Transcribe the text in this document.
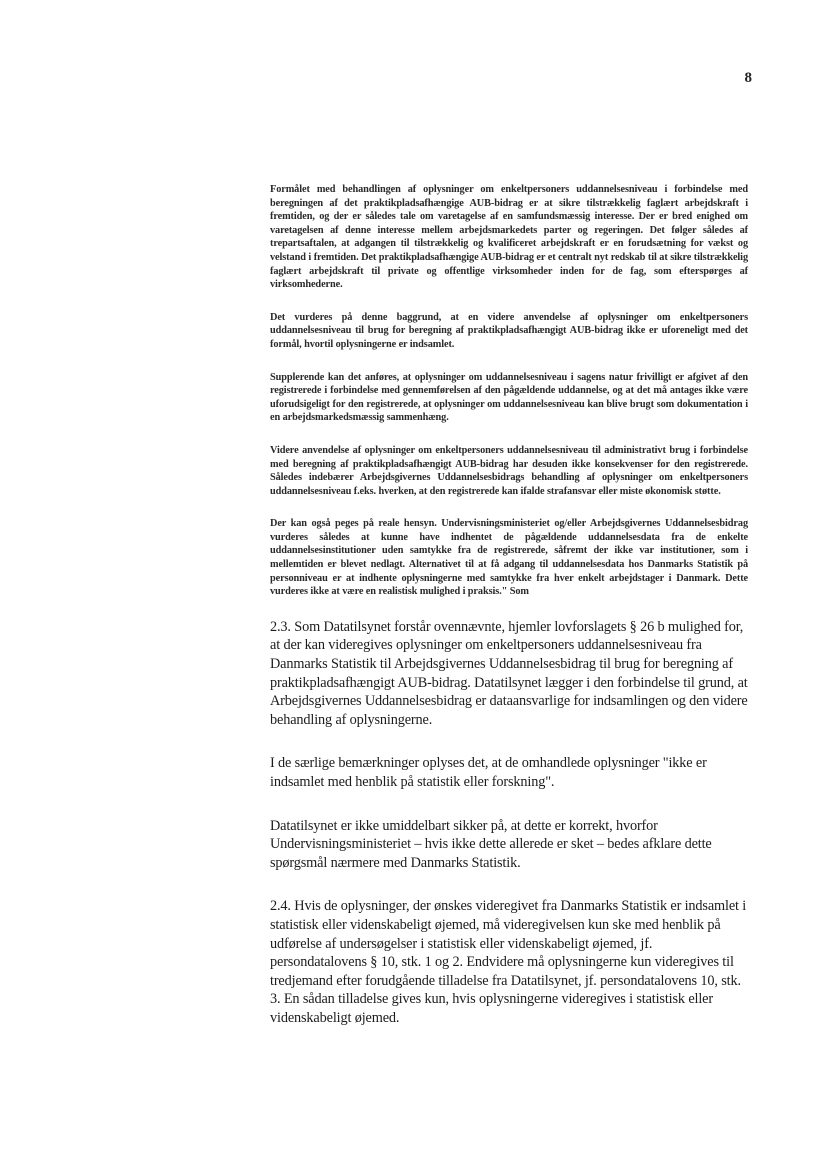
8

Formålet med behandlingen af oplysninger om enkeltpersoners uddannelsesniveau i forbindelse med beregningen af det praktikpladsafhængige AUB-bidrag er at sikre tilstrækkelig faglært arbejdskraft i fremtiden, og der er således tale om varetagelse af en samfundsmæssig interesse. Der er bred enighed om varetagelsen af denne interesse mellem arbejdsmarkedets parter og regeringen. Det følger således af trepartsaftalen, at adgangen til tilstrækkelig og kvalificeret arbejdskraft er en forudsætning for vækst og velstand i fremtiden. Det praktikpladsafhængige AUB-bidrag er et centralt nyt redskab til at sikre tilstrækkelig faglært arbejdskraft til private og offentlige virksomheder inden for de fag, som efterspørges af virksomhederne.

Det vurderes på denne baggrund, at en videre anvendelse af oplysninger om enkeltpersoners uddannelsesniveau til brug for beregning af praktikpladsafhængigt AUB-bidrag ikke er uforeneligt med det formål, hvortil oplysningerne er indsamlet.

Supplerende kan det anføres, at oplysninger om uddannelsesniveau i sagens natur frivilligt er afgivet af den registrerede i forbindelse med gennemførelsen af den pågældende uddannelse, og at det må antages ikke være uforudsigeligt for den registrerede, at oplysninger om uddannelsesniveau kan blive brugt som dokumentation i en arbejdsmarkedsmæssig sammenhæng.

Videre anvendelse af oplysninger om enkeltpersoners uddannelsesniveau til administrativt brug i forbindelse med beregning af praktikpladsafhængigt AUB-bidrag har desuden ikke konsekvenser for den registrerede. Således indebærer Arbejdsgivernes Uddannelsesbidrags behandling af oplysninger om enkeltpersoners uddannelsesniveau f.eks. hverken, at den registrerede kan ifalde strafansvar eller miste økonomisk støtte.

Der kan også peges på reale hensyn. Undervisningsministeriet og/eller Arbejdsgivernes Uddannelsesbidrag vurderes således at kunne have indhentet de pågældende uddannelsesdata fra de enkelte uddannelsesinstitutioner uden samtykke fra de registrerede, såfremt der ikke var institutioner, som i mellemtiden er blevet nedlagt. Alternativet til at få adgang til uddannelsesdata hos Danmarks Statistik på personniveau er at indhente oplysningerne med samtykke fra hver enkelt arbejdstager i Danmark. Dette vurderes ikke at være en realistisk mulighed i praksis." Som

2.3. Som Datatilsynet forstår ovennævnte, hjemler lovforslagets § 26 b mulighed for, at der kan videregives oplysninger om enkeltpersoners uddannelsesniveau fra Danmarks Statistik til Arbejdsgivernes Uddannelsesbidrag til brug for beregning af praktikpladsafhængigt AUB-bidrag. Datatilsynet lægger i den forbindelse til grund, at Arbejdsgivernes Uddannelsesbidrag er dataansvarlige for indsamlingen og den videre behandling af oplysningerne.

I de særlige bemærkninger oplyses det, at de omhandlede oplysninger "ikke er indsamlet med henblik på statistik eller forskning".

Datatilsynet er ikke umiddelbart sikker på, at dette er korrekt, hvorfor Undervisningsministeriet – hvis ikke dette allerede er sket – bedes afklare dette spørgsmål nærmere med Danmarks Statistik.

2.4. Hvis de oplysninger, der ønskes videregivet fra Danmarks Statistik er indsamlet i statistisk eller videnskabeligt øjemed, må videregivelsen kun ske med henblik på udførelse af undersøgelser i statistisk eller videnskabeligt øjemed, jf. persondatalovens § 10, stk. 1 og 2. Endvidere må oplysningerne kun videregives til tredjemand efter forudgående tilladelse fra Datatilsynet, jf. persondatalovens 10, stk. 3. En sådan tilladelse gives kun, hvis oplysningerne videregives i statistisk eller videnskabeligt øjemed.
